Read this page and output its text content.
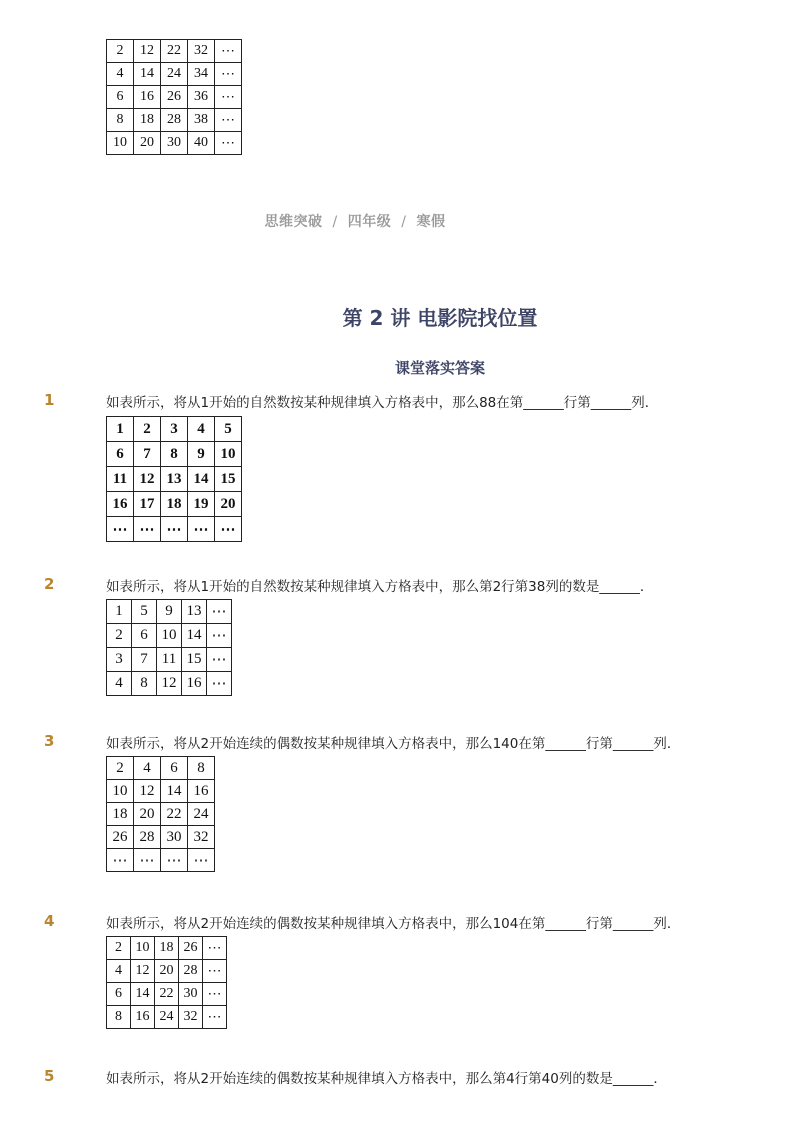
2	12	22	32	⋯
4	14	24	34	⋯
6	16	26	36	⋯
8	18	28	38	⋯
10	20	30	40	⋯
思维突破 / 四年级 / 寒假
第 2 讲 电影院找位置
课堂落实答案
1	如表所示，将从1开始的自然数按某种规律填入方格表中，那么88在第______行第______列．
1	2	3	4	5
6	7	8	9	10
11	12	13	14	15
16	17	18	19	20
⋯	⋯	⋯	⋯	⋯
2	如表所示，将从1开始的自然数按某种规律填入方格表中，那么第2行第38列的数是______．
1	5	9	13	⋯
2	6	10	14	⋯
3	7	11	15	⋯
4	8	12	16	⋯
3	如表所示，将从2开始连续的偶数按某种规律填入方格表中，那么140在第______行第______列．
2	4	6	8
10	12	14	16
18	20	22	24
26	28	30	32
⋯	⋯	⋯	⋯
4	如表所示，将从2开始连续的偶数按某种规律填入方格表中，那么104在第______行第______列．
2	10	18	26	⋯
4	12	20	28	⋯
6	14	22	30	⋯
8	16	24	32	⋯
5	如表所示，将从2开始连续的偶数按某种规律填入方格表中，那么第4行第40列的数是______．
